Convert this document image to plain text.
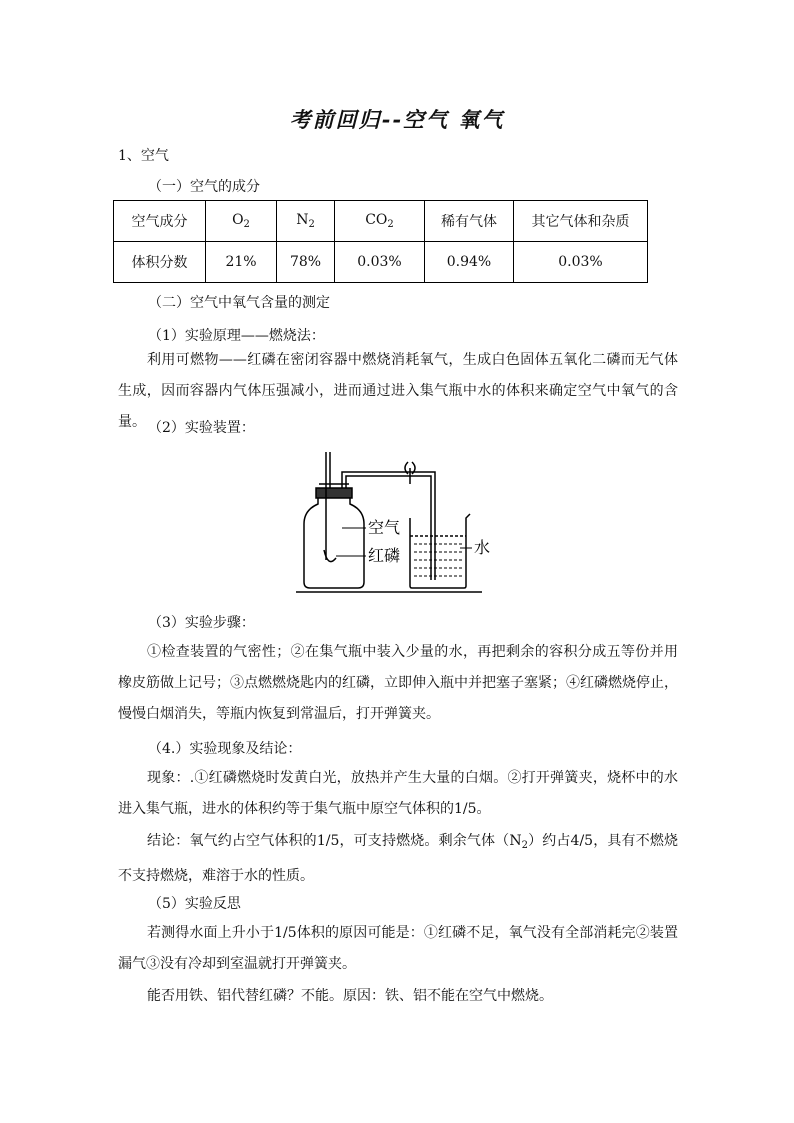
考前回归--空气 氧气
1、空气
（一）空气的成分
空气成分	$O_2$	$N_2$	$CO_2$	稀有气体	其它气体和杂质
体积分数	21%	78%	0.03%	0.94%	0.03%
（二）空气中氧气含量的测定
（1）实验原理——燃烧法：
利用可燃物——红磷在密闭容器中燃烧消耗氧气，生成白色固体五氧化二磷而无气体生成，因而容器内气体压强减小，进而通过进入集气瓶中水的体积来确定空气中氧气的含量。 （2）实验装置：
空气
红磷	水
（3）实验步骤：
①检查装置的气密性；②在集气瓶中装入少量的水，再把剩余的容积分成五等份并用橡皮筋做上记号；③点燃燃烧匙内的红磷，立即伸入瓶中并把塞子塞紧；④红磷燃烧停止，慢慢白烟消失，等瓶内恢复到常温后，打开弹簧夹。
（4.）实验现象及结论：
现象：.①红磷燃烧时发黄白光，放热并产生大量的白烟。②打开弹簧夹，烧杯中的水进入集气瓶，进水的体积约等于集气瓶中原空气体积的1/5。
结论：氧气约占空气体积的1/5，可支持燃烧。剩余气体$(N_2)$约占4/5，具有不燃烧不支持燃烧，难溶于水的性质。
（5）实验反思
若测得水面上升小于1/5体积的原因可能是：①红磷不足，氧气没有全部消耗完②装置漏气③没有冷却到室温就打开弹簧夹。
能否用铁、铝代替红磷？不能。原因：铁、铝不能在空气中燃烧。
